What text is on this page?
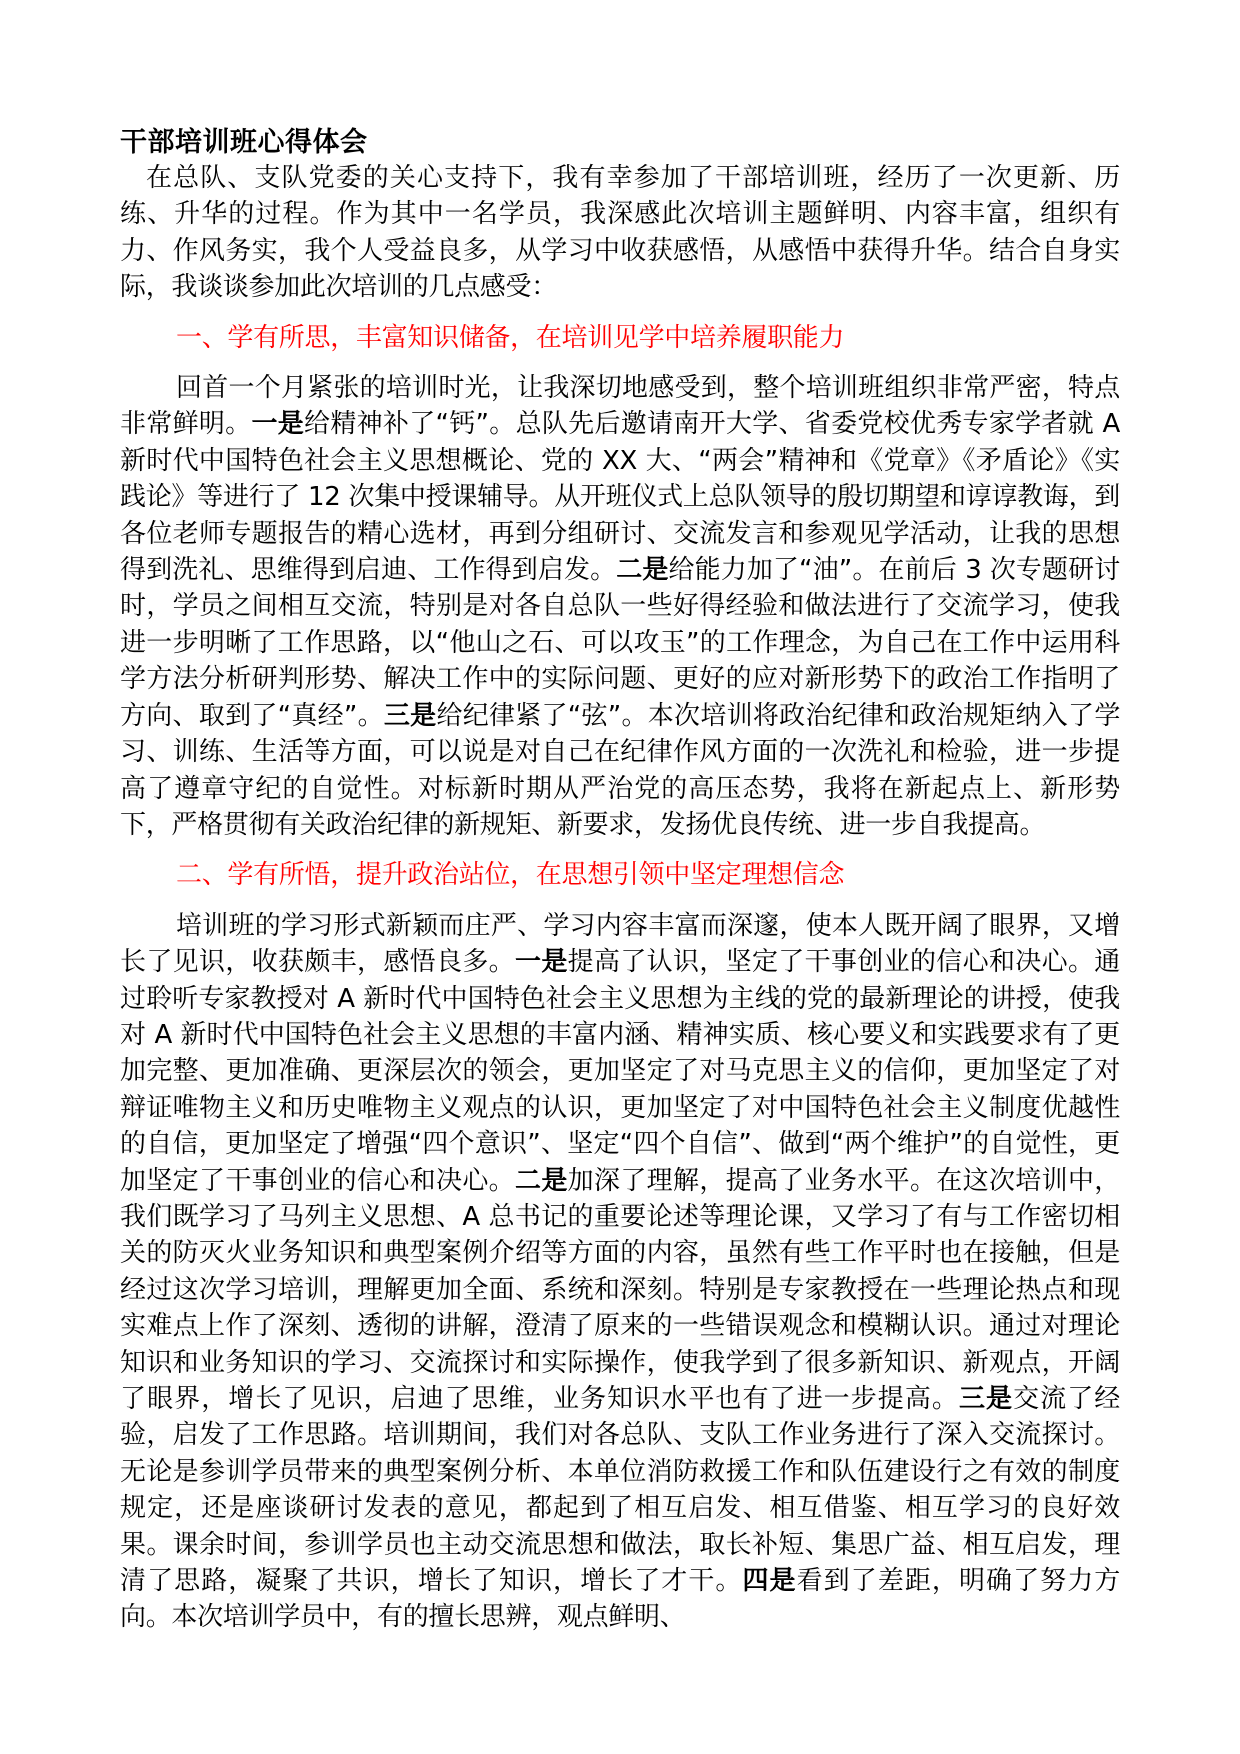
干部培训班心得体会

在总队、支队党委的关心支持下，我有幸参加了干部培训班，经历了一次更新、历练、升华的过程。作为其中一名学员，我深感此次培训主题鲜明、内容丰富，组织有力、作风务实，我个人受益良多，从学习中收获感悟，从感悟中获得升华。结合自身实际，我谈谈参加此次培训的几点感受：

一、学有所思，丰富知识储备，在培训见学中培养履职能力

回首一个月紧张的培训时光，让我深切地感受到，整个培训班组织非常严密，特点非常鲜明。一是给精神补了“钙”。总队先后邀请南开大学、省委党校优秀专家学者就 A 新时代中国特色社会主义思想概论、党的 XX 大、“两会”精神和《党章》《矛盾论》《实践论》等进行了 12 次集中授课辅导。从开班仪式上总队领导的殷切期望和谆谆教诲，到各位老师专题报告的精心选材，再到分组研讨、交流发言和参观见学活动，让我的思想得到洗礼、思维得到启迪、工作得到启发。二是给能力加了“油”。在前后 3 次专题研讨时，学员之间相互交流，特别是对各自总队一些好得经验和做法进行了交流学习，使我进一步明晰了工作思路，以“他山之石、可以攻玉”的工作理念，为自己在工作中运用科学方法分析研判形势、解决工作中的实际问题、更好的应对新形势下的政治工作指明了方向、取到了“真经”。三是给纪律紧了“弦”。本次培训将政治纪律和政治规矩纳入了学习、训练、生活等方面，可以说是对自己在纪律作风方面的一次洗礼和检验，进一步提高了遵章守纪的自觉性。对标新时期从严治党的高压态势，我将在新起点上、新形势下，严格贯彻有关政治纪律的新规矩、新要求，发扬优良传统、进一步自我提高。

二、学有所悟，提升政治站位，在思想引领中坚定理想信念

培训班的学习形式新颖而庄严、学习内容丰富而深邃，使本人既开阔了眼界，又增长了见识，收获颇丰，感悟良多。一是提高了认识，坚定了干事创业的信心和决心。通过聆听专家教授对 A 新时代中国特色社会主义思想为主线的党的最新理论的讲授，使我对 A 新时代中国特色社会主义思想的丰富内涵、精神实质、核心要义和实践要求有了更加完整、更加准确、更深层次的领会，更加坚定了对马克思主义的信仰，更加坚定了对辩证唯物主义和历史唯物主义观点的认识，更加坚定了对中国特色社会主义制度优越性的自信，更加坚定了增强“四个意识”、坚定“四个自信”、做到“两个维护”的自觉性，更加坚定了干事创业的信心和决心。二是加深了理解，提高了业务水平。在这次培训中，我们既学习了马列主义思想、A 总书记的重要论述等理论课，又学习了有与工作密切相关的防灭火业务知识和典型案例介绍等方面的内容，虽然有些工作平时也在接触，但是经过这次学习培训，理解更加全面、系统和深刻。特别是专家教授在一些理论热点和现实难点上作了深刻、透彻的讲解，澄清了原来的一些错误观念和模糊认识。通过对理论知识和业务知识的学习、交流探讨和实际操作，使我学到了很多新知识、新观点，开阔了眼界，增长了见识，启迪了思维，业务知识水平也有了进一步提高。三是交流了经验，启发了工作思路。培训期间，我们对各总队、支队工作业务进行了深入交流探讨。无论是参训学员带来的典型案例分析、本单位消防救援工作和队伍建设行之有效的制度规定，还是座谈研讨发表的意见，都起到了相互启发、相互借鉴、相互学习的良好效果。课余时间，参训学员也主动交流思想和做法，取长补短、集思广益、相互启发，理清了思路，凝聚了共识，增长了知识，增长了才干。四是看到了差距，明确了努力方向。本次培训学员中，有的擅长思辨，观点鲜明、
